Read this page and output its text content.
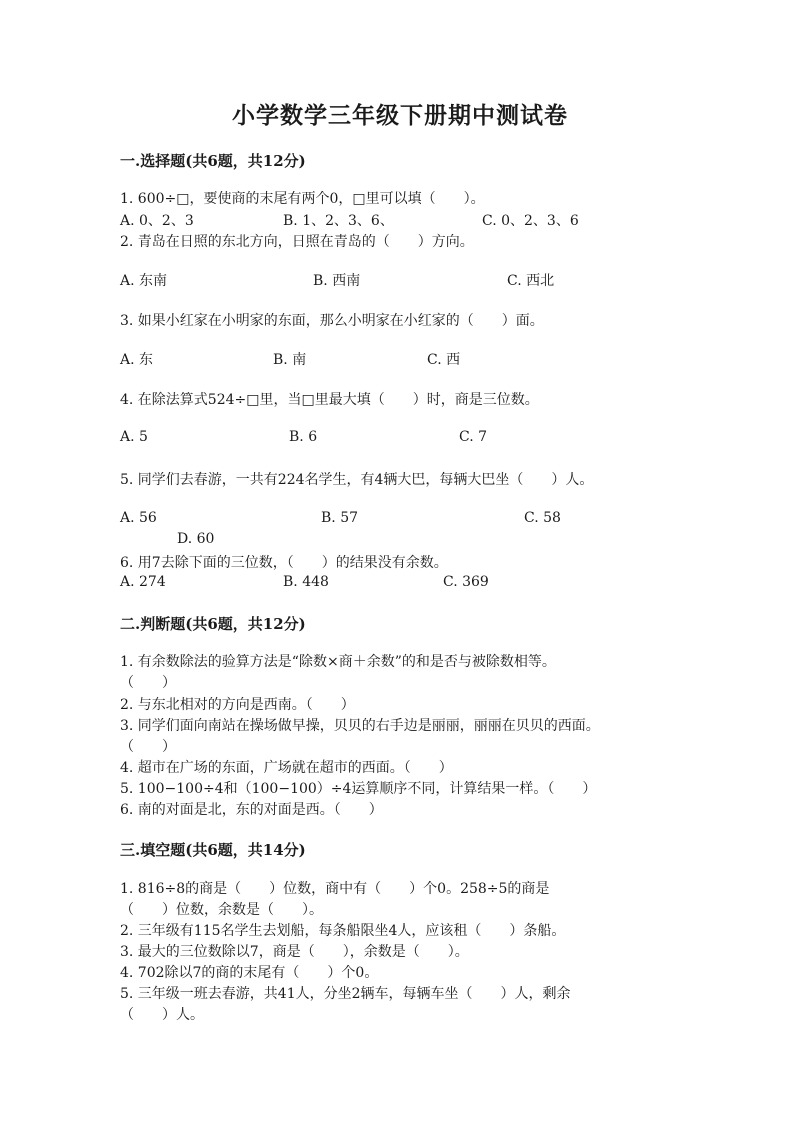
小学数学三年级下册期中测试卷
一.选择题(共6题，共12分)
1. 600÷□，要使商的末尾有两个0，□里可以填（　　）。
A. 0、2、3	B. 1、2、3、6、	C. 0、2、3、6
2. 青岛在日照的东北方向，日照在青岛的（　　）方向。
A. 东南	B. 西南	C. 西北
3. 如果小红家在小明家的东面，那么小明家在小红家的（　　）面。
A. 东	B. 南	C. 西
4. 在除法算式524÷□里，当□里最大填（　　）时，商是三位数。
A. 5	B. 6	C. 7
5. 同学们去春游，一共有224名学生，有4辆大巴，每辆大巴坐（　　）人。
A. 56	B. 57	C. 58
D. 60
6. 用7去除下面的三位数，（　　）的结果没有余数。
A. 274	B. 448	C. 369
二.判断题(共6题，共12分)
1. 有余数除法的验算方法是“除数×商＋余数”的和是否与被除数相等。
（　　）
2. 与东北相对的方向是西南。（　　）
3. 同学们面向南站在操场做早操，贝贝的右手边是丽丽，丽丽在贝贝的西面。
（　　）
4. 超市在广场的东面，广场就在超市的西面。（　　）
5. 100−100÷4和（100−100）÷4运算顺序不同，计算结果一样。（　　）
6. 南的对面是北，东的对面是西。（　　）
三.填空题(共6题，共14分)
1. 816÷8的商是（　　）位数，商中有（　　）个0。258÷5的商是
（　　）位数，余数是（　　）。
2. 三年级有115名学生去划船，每条船限坐4人，应该租（　　）条船。
3. 最大的三位数除以7，商是（　　），余数是（　　）。
4. 702除以7的商的末尾有（　　）个0。
5. 三年级一班去春游，共41人，分坐2辆车，每辆车坐（　　）人，剩余
（　　）人。
